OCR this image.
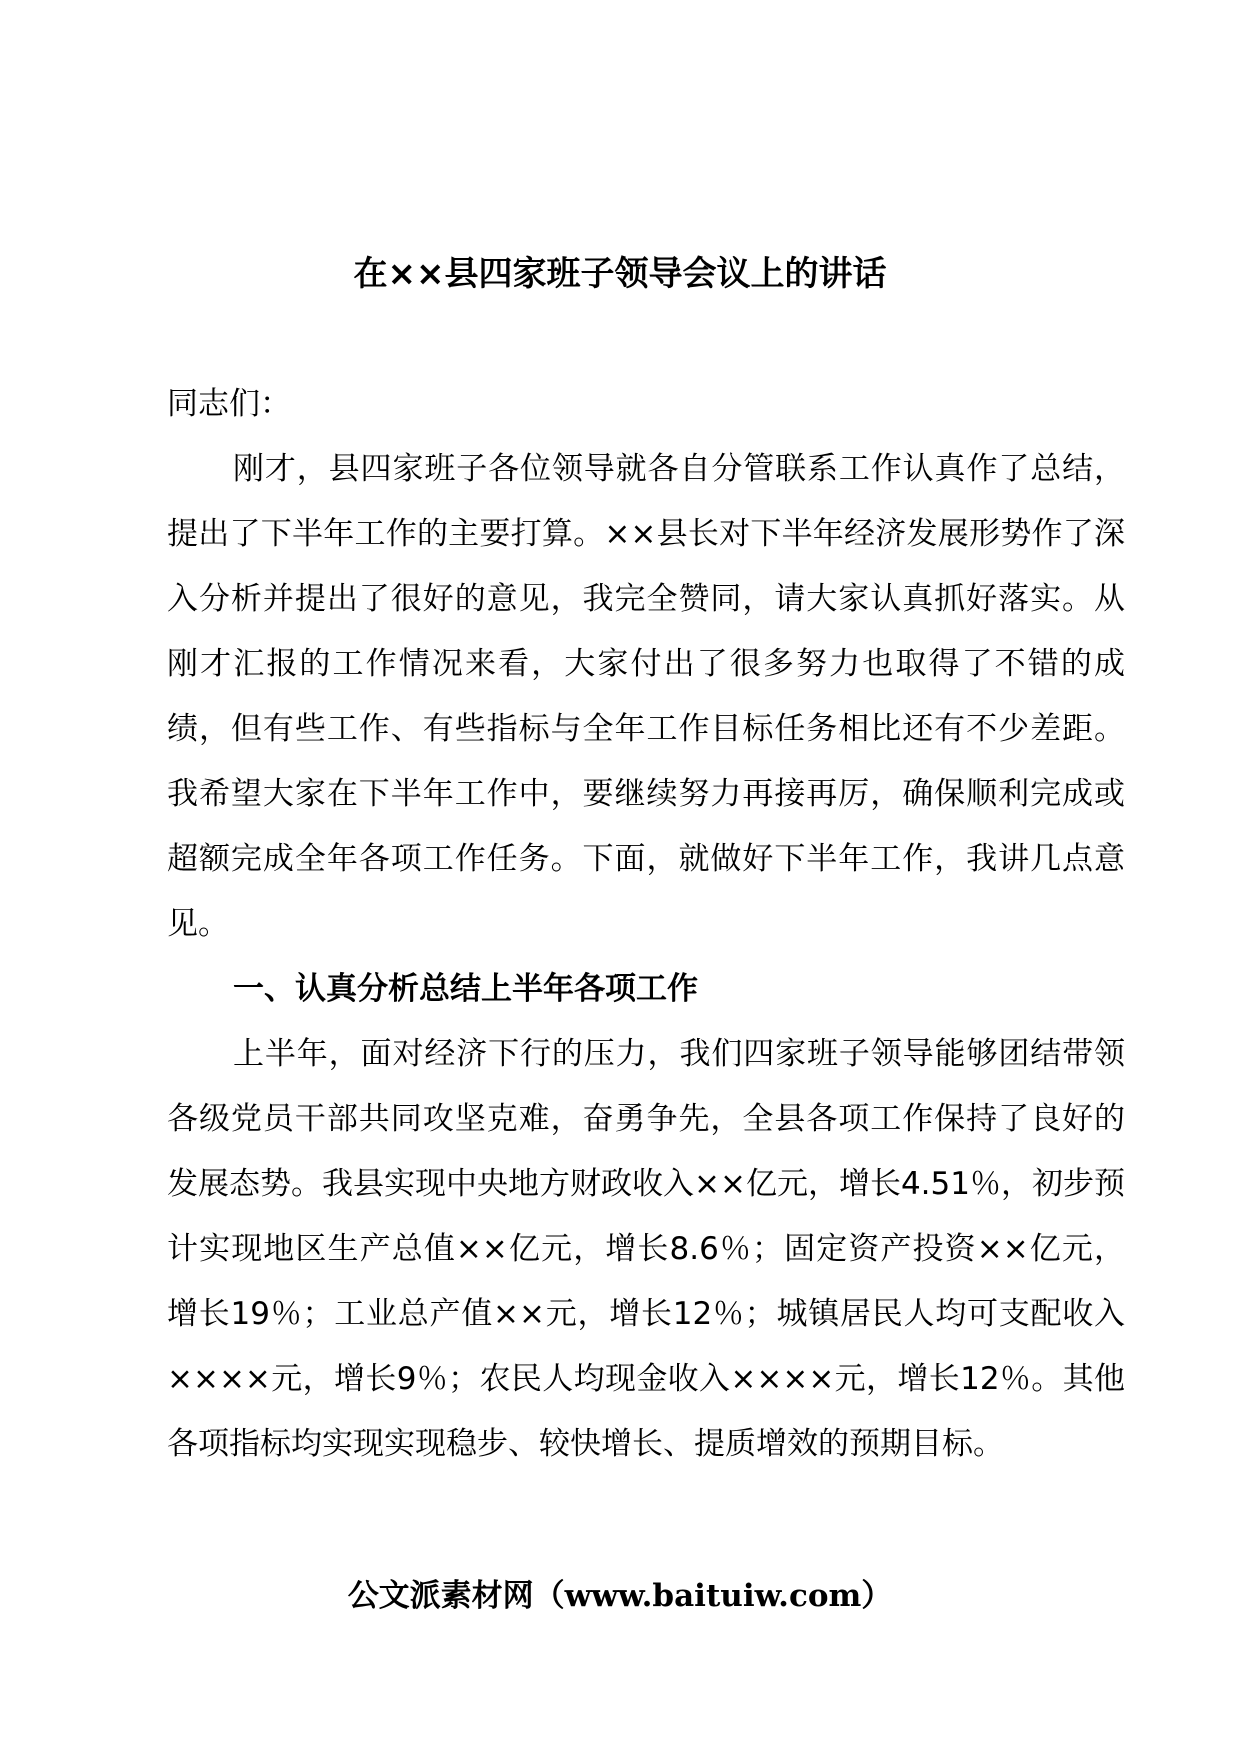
在××县四家班子领导会议上的讲话

同志们：

刚才，县四家班子各位领导就各自分管联系工作认真作了总结，提出了下半年工作的主要打算。××县长对下半年经济发展形势作了深入分析并提出了很好的意见，我完全赞同，请大家认真抓好落实。从刚才汇报的工作情况来看，大家付出了很多努力也取得了不错的成绩，但有些工作、有些指标与全年工作目标任务相比还有不少差距。我希望大家在下半年工作中，要继续努力再接再厉，确保顺利完成或超额完成全年各项工作任务。下面，就做好下半年工作，我讲几点意见。

一、认真分析总结上半年各项工作

上半年，面对经济下行的压力，我们四家班子领导能够团结带领各级党员干部共同攻坚克难，奋勇争先，全县各项工作保持了良好的发展态势。我县实现中央地方财政收入××亿元，增长4.51％，初步预计实现地区生产总值××亿元，增长8.6％；固定资产投资××亿元，增长19％；工业总产值××元，增长12％；城镇居民人均可支配收入××××元，增长9％；农民人均现金收入××××元，增长12％。其他各项指标均实现实现稳步、较快增长、提质增效的预期目标。

公文派素材网（www.baituiw.com）
